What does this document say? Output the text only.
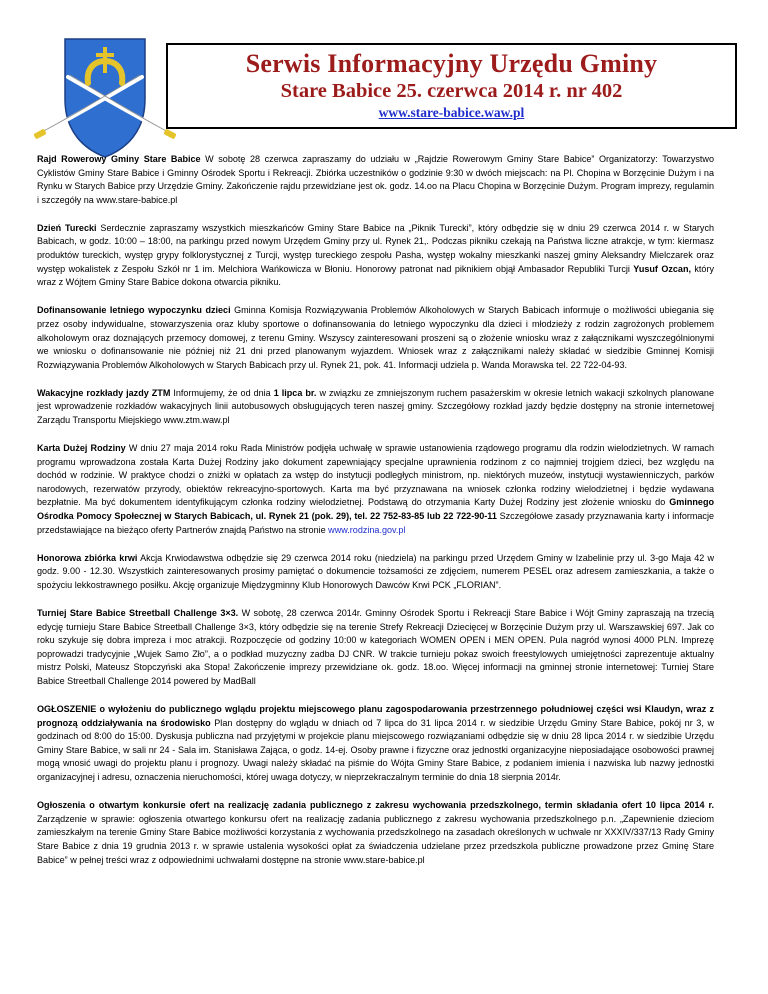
Serwis Informacyjny Urzędu Gminy
Stare Babice 25. czerwca 2014 r. nr 402
www.stare-babice.waw.pl

Rajd Rowerowy Gminy Stare Babice W sobotę 28 czerwca zapraszamy do udziału w „Rajdzie Rowerowym Gminy Stare Babice” Organizatorzy: Towarzystwo Cyklistów Gminy Stare Babice i Gminny Ośrodek Sportu i Rekreacji. Zbiórka uczestników o godzinie 9:30 w dwóch miejscach: na Pl. Chopina w Borzęcinie Dużym i na Rynku w Starych Babice przy Urzędzie Gminy. Zakończenie rajdu przewidziane jest ok. godz. 14.oo na Placu Chopina w Borzęcinie Dużym. Program imprezy, regulamin i szczegóły na www.stare-babice.pl

Dzień Turecki Serdecznie zapraszamy wszystkich mieszkańców Gminy Stare Babice na „Piknik Turecki”, który odbędzie się w dniu 29 czerwca 2014 r. w Starych Babicach, w godz. 10:00 – 18:00, na parkingu przed nowym Urzędem Gminy przy ul. Rynek 21,. Podczas pikniku czekają na Państwa liczne atrakcje, w tym: kiermasz produktów tureckich, występ grypy folklorystycznej z Turcji, występ tureckiego zespołu Pasha, występ wokalny mieszkanki naszej gminy Aleksandry Mielczarek oraz występ wokalistek z Zespołu Szkół nr 1 im. Melchiora Wańkowicza w Błoniu. Honorowy patronat nad piknikiem objął Ambasador Republiki Turcji Yusuf Ozcan, który wraz z Wójtem Gminy Stare Babice dokona otwarcia pikniku.

Dofinansowanie letniego wypoczynku dzieci Gminna Komisja Rozwiązywania Problemów Alkoholowych w Starych Babicach informuje o możliwości ubiegania się przez osoby indywidualne, stowarzyszenia oraz kluby sportowe o dofinansowania do letniego wypoczynku dla dzieci i młodzieży z rodzin zagrożonych problemem alkoholowym oraz doznających przemocy domowej, z terenu Gminy. Wszyscy zainteresowani proszeni są o złożenie wniosku wraz z załącznikami wyszczególnionymi we wniosku o dofinansowanie nie później niż 21 dni przed planowanym wyjazdem. Wniosek wraz z załącznikami należy składać w siedzibie Gminnej Komisji Rozwiązywania Problemów Alkoholowych w Starych Babicach przy ul. Rynek 21, pok. 41. Informacji udziela p. Wanda Morawska tel. 22 722-04-93.

Wakacyjne rozkłady jazdy ZTM Informujemy, że od dnia 1 lipca br. w związku ze zmniejszonym ruchem pasażerskim w okresie letnich wakacji szkolnych planowane jest wprowadzenie rozkładów wakacyjnych linii autobusowych obsługujących teren naszej gminy. Szczegółowy rozkład jazdy będzie dostępny na stronie internetowej Zarządu Transportu Miejskiego www.ztm.waw.pl

Karta Dużej Rodziny W dniu 27 maja 2014 roku Rada Ministrów podjęła uchwałę w sprawie ustanowienia rządowego programu dla rodzin wielodzietnych. W ramach programu wprowadzona została Karta Dużej Rodziny jako dokument zapewniający specjalne uprawnienia rodzinom z co najmniej trojgiem dzieci, bez względu na dochód w rodzinie. W praktyce chodzi o zniżki w opłatach za wstęp do instytucji podległych ministrom, np. niektórych muzeów, instytucji wystawienniczych, parków narodowych, rezerwatów przyrody, obiektów rekreacyjno-sportowych. Karta ma być przyznawana na wniosek członka rodziny wielodzietnej i będzie wydawana bezpłatnie. Ma być dokumentem identyfikującym członka rodziny wielodzietnej. Podstawą do otrzymania Karty Dużej Rodziny jest złożenie wniosku do Gminnego Ośrodka Pomocy Społecznej w Starych Babicach, ul. Rynek 21 (pok. 29), tel. 22 752-83-85 lub 22 722-90-11 Szczegółowe zasady przyznawania karty i informacje przedstawiające na bieżąco oferty Partnerów znajdą Państwo na stronie www.rodzina.gov.pl

Honorowa zbiórka krwi Akcja Krwiodawstwa odbędzie się 29 czerwca 2014 roku (niedziela) na parkingu przed Urzędem Gminy w Izabelinie przy ul. 3-go Maja 42 w godz. 9.00 - 12.30. Wszystkich zainteresowanych prosimy pamiętać o dokumencie tożsamości ze zdjęciem, numerem PESEL oraz adresem zamieszkania, a także o spożyciu lekkostrawnego posiłku. Akcję organizuje Międzygminny Klub Honorowych Dawców Krwi PCK „FLORIAN”.

Turniej Stare Babice Streetball Challenge 3×3. W sobotę, 28 czerwca 2014r. Gminny Ośrodek Sportu i Rekreacji Stare Babice i Wójt Gminy zapraszają na trzecią edycję turnieju Stare Babice Streetball Challenge 3×3, który odbędzie się na terenie Strefy Rekreacji Dziecięcej w Borzęcinie Dużym przy ul. Warszawskiej 697. Jak co roku szykuje się dobra impreza i moc atrakcji. Rozpoczęcie od godziny 10:00 w kategoriach WOMEN OPEN i MEN OPEN. Pula nagród wynosi 4000 PLN. Imprezę poprowadzi tradycyjnie „Wujek Samo Zło”, a o podkład muzyczny zadba DJ CNR. W trakcie turnieju pokaz swoich freestylowych umiejętności zaprezentuje aktualny mistrz Polski, Mateusz Stopczyński aka Stopa! Zakończenie imprezy przewidziane ok. godz. 18.oo. Więcej informacji na gminnej stronie internetowej: Turniej Stare Babice Streetball Challenge 2014 powered by MadBall

OGŁOSZENIE o wyłożeniu do publicznego wglądu projektu miejscowego planu zagospodarowania przestrzennego południowej części wsi Klaudyn, wraz z prognozą oddziaływania na środowisko Plan dostępny do wglądu w dniach od 7 lipca do 31 lipca 2014 r. w siedzibie Urzędu Gminy Stare Babice, pokój nr 3, w godzinach od 8:00 do 15:00. Dyskusja publiczna nad przyjętymi w projekcie planu miejscowego rozwiązaniami odbędzie się w dniu 28 lipca 2014 r. w siedzibie Urzędu Gminy Stare Babice, w sali nr 24 - Sala im. Stanisława Zająca, o godz. 14-ej. Osoby prawne i fizyczne oraz jednostki organizacyjne nieposiadające osobowości prawnej mogą wnosić uwagi do projektu planu i prognozy. Uwagi należy składać na piśmie do Wójta Gminy Stare Babice, z podaniem imienia i nazwiska lub nazwy jednostki organizacyjnej i adresu, oznaczenia nieruchomości, której uwaga dotyczy, w nieprzekraczalnym terminie do dnia 18 sierpnia 2014r.

Ogłoszenia o otwartym konkursie ofert na realizację zadania publicznego z zakresu wychowania przedszkolnego, termin składania ofert 10 lipca 2014 r. Zarządzenie w sprawie: ogłoszenia otwartego konkursu ofert na realizację zadania publicznego z zakresu wychowania przedszkolnego p.n. „Zapewnienie dzieciom zamieszkałym na terenie Gminy Stare Babice możliwości korzystania z wychowania przedszkolnego na zasadach określonych w uchwale nr XXXIV/337/13 Rady Gminy Stare Babice z dnia 19 grudnia 2013 r. w sprawie ustalenia wysokości opłat za świadczenia udzielane przez przedszkola publiczne prowadzone przez Gminę Stare Babice” w pełnej treści wraz z odpowiednimi uchwałami dostępne na stronie www.stare-babice.pl
